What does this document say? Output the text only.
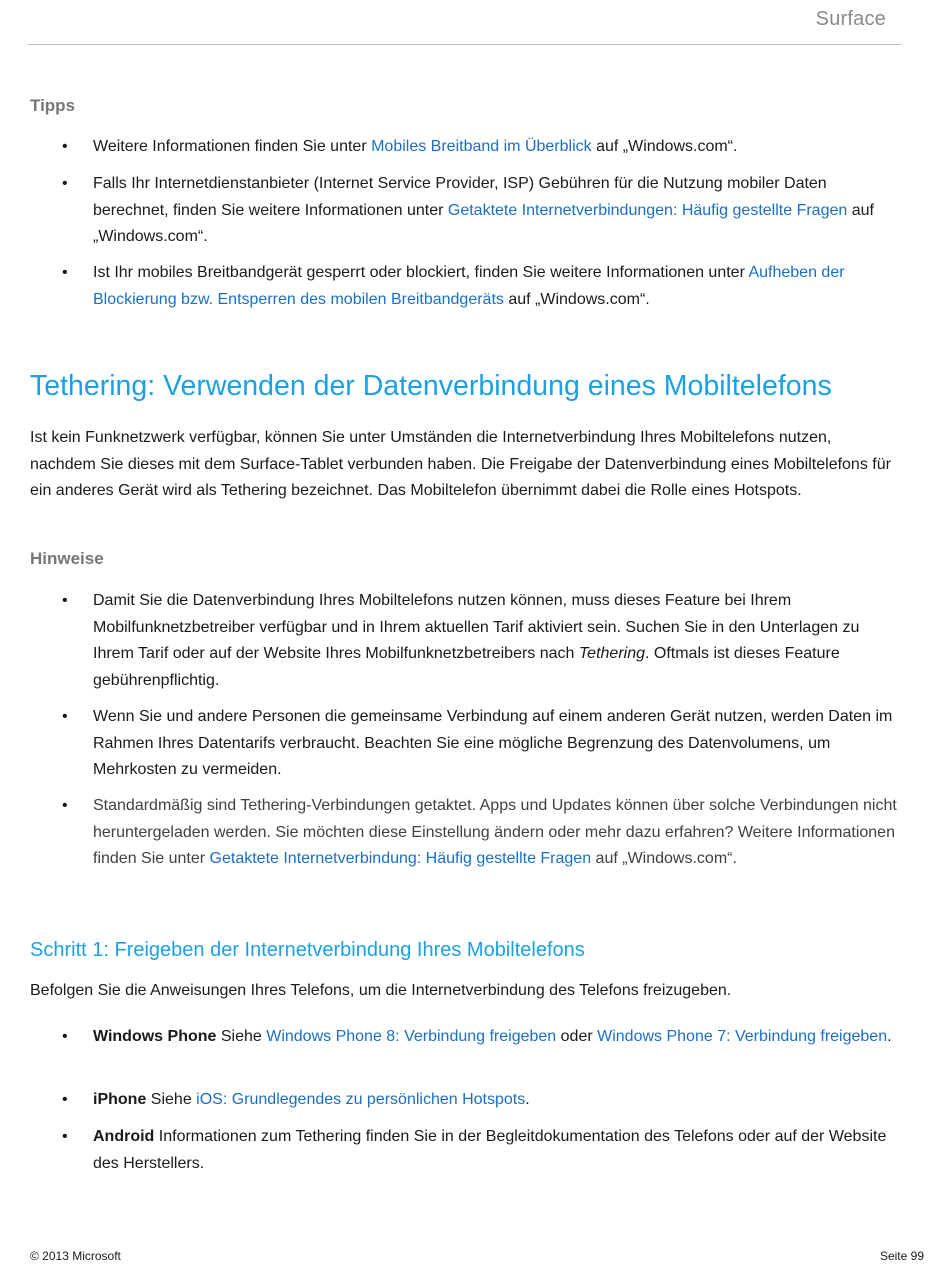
Surface
Tipps
• Weitere Informationen finden Sie unter Mobiles Breitband im Überblick auf „Windows.com“.
• Falls Ihr Internetdienstanbieter (Internet Service Provider, ISP) Gebühren für die Nutzung mobiler Daten berechnet, finden Sie weitere Informationen unter Getaktete Internetverbindungen: Häufig gestellte Fragen auf „Windows.com“.
• Ist Ihr mobiles Breitbandgerät gesperrt oder blockiert, finden Sie weitere Informationen unter Aufheben der Blockierung bzw. Entsperren des mobilen Breitbandgeräts auf „Windows.com“.
Tethering: Verwenden der Datenverbindung eines Mobiltelefons
Ist kein Funknetzwerk verfügbar, können Sie unter Umständen die Internetverbindung Ihres Mobiltelefons nutzen, nachdem Sie dieses mit dem Surface-Tablet verbunden haben. Die Freigabe der Datenverbindung eines Mobiltelefons für ein anderes Gerät wird als Tethering bezeichnet. Das Mobiltelefon übernimmt dabei die Rolle eines Hotspots.
Hinweise
• Damit Sie die Datenverbindung Ihres Mobiltelefons nutzen können, muss dieses Feature bei Ihrem Mobilfunknetzbetreiber verfügbar und in Ihrem aktuellen Tarif aktiviert sein. Suchen Sie in den Unterlagen zu Ihrem Tarif oder auf der Website Ihres Mobilfunknetzbetreibers nach Tethering. Oftmals ist dieses Feature gebührenpflichtig.
• Wenn Sie und andere Personen die gemeinsame Verbindung auf einem anderen Gerät nutzen, werden Daten im Rahmen Ihres Datentarifs verbraucht. Beachten Sie eine mögliche Begrenzung des Datenvolumens, um Mehrkosten zu vermeiden.
• Standardmäßig sind Tethering-Verbindungen getaktet. Apps und Updates können über solche Verbindungen nicht heruntergeladen werden. Sie möchten diese Einstellung ändern oder mehr dazu erfahren? Weitere Informationen finden Sie unter Getaktete Internetverbindung: Häufig gestellte Fragen auf „Windows.com“.
Schritt 1: Freigeben der Internetverbindung Ihres Mobiltelefons
Befolgen Sie die Anweisungen Ihres Telefons, um die Internetverbindung des Telefons freizugeben.
• Windows Phone Siehe Windows Phone 8: Verbindung freigeben oder Windows Phone 7: Verbindung freigeben.
• iPhone Siehe iOS: Grundlegendes zu persönlichen Hotspots.
• Android Informationen zum Tethering finden Sie in der Begleitdokumentation des Telefons oder auf der Website des Herstellers.
© 2013 Microsoft	Seite 99
